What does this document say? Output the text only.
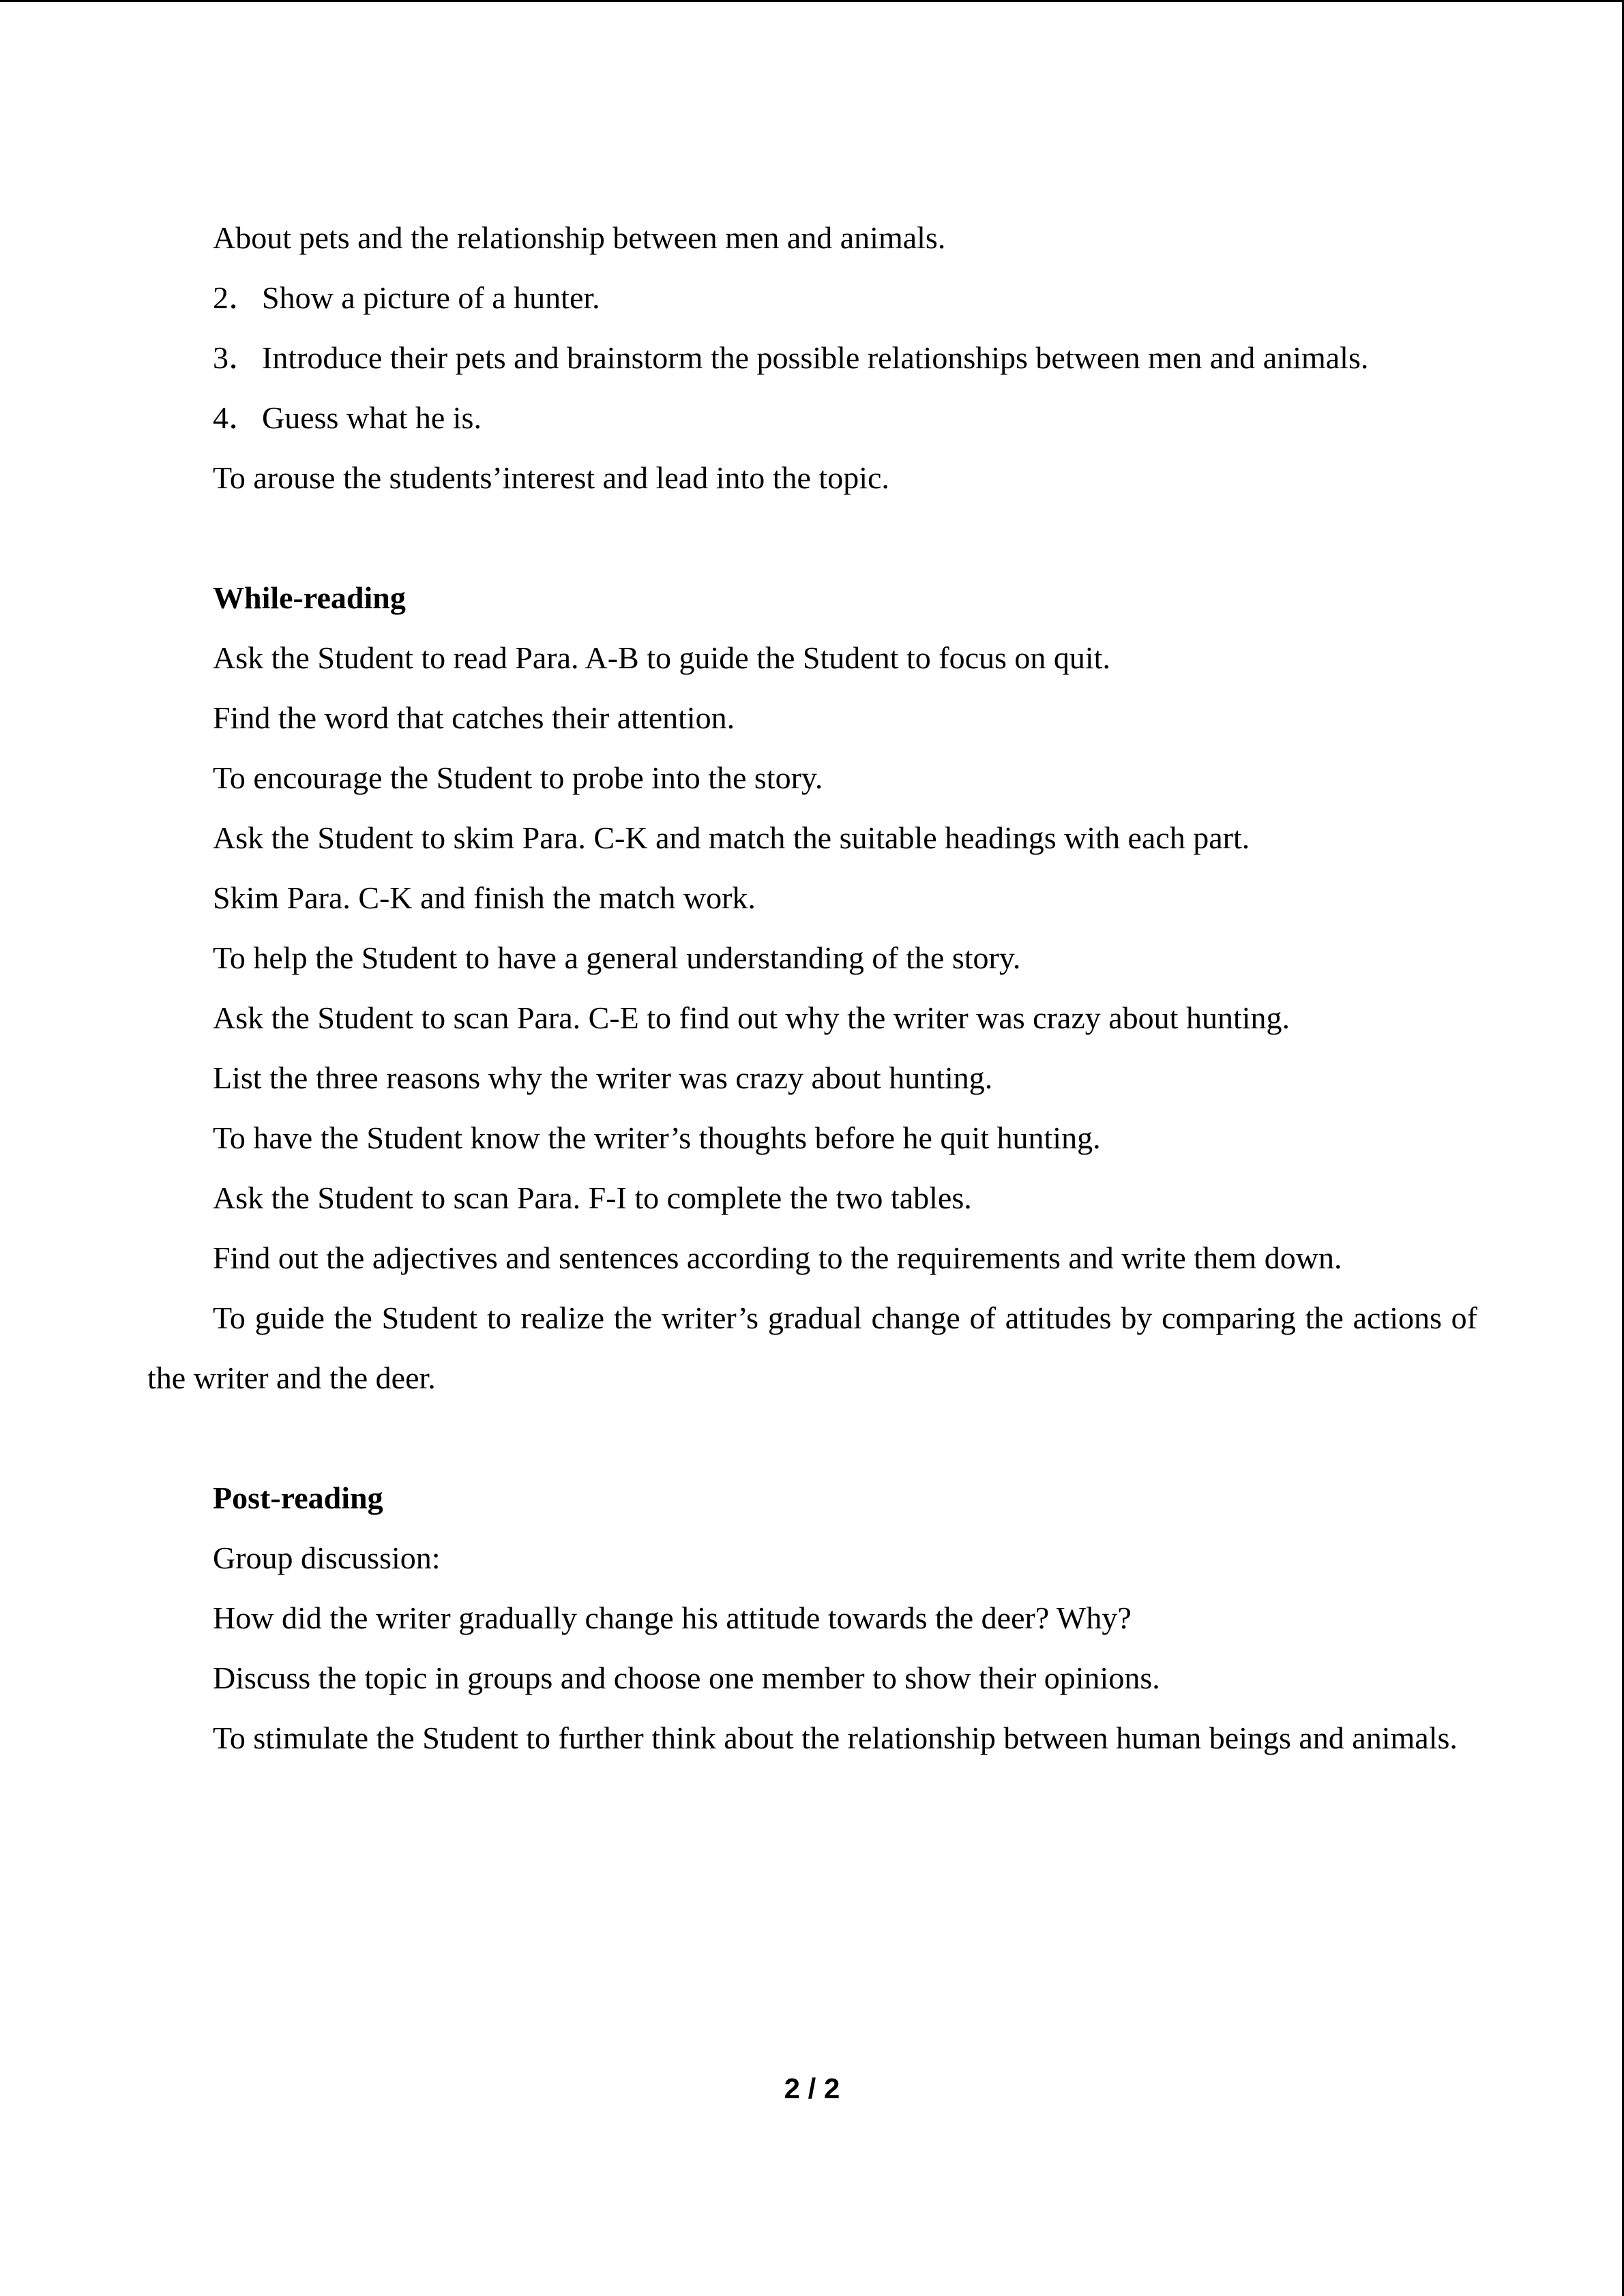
About pets and the relationship between men and animals.

2．Show a picture of a hunter.

3．Introduce their pets and brainstorm the possible relationships between men and animals.

4．Guess what he is.

To arouse the students’interest and lead into the topic.

While-reading

Ask the Student to read Para. A-B to guide the Student to focus on quit.

Find the word that catches their attention.

To encourage the Student to probe into the story.

Ask the Student to skim Para. C-K and match the suitable headings with each part.

Skim Para. C-K and finish the match work.

To help the Student to have a general understanding of the story.

Ask the Student to scan Para. C-E to find out why the writer was crazy about hunting.

List the three reasons why the writer was crazy about hunting.

To have the Student know the writer’s thoughts before he quit hunting.

Ask the Student to scan Para. F-I to complete the two tables.

Find out the adjectives and sentences according to the requirements and write them down.

To guide the Student to realize the writer’s gradual change of attitudes by comparing the actions of the writer and the deer.

Post-reading

Group discussion:

How did the writer gradually change his attitude towards the deer? Why?

Discuss the topic in groups and choose one member to show their opinions.

To stimulate the Student to further think about the relationship between human beings and animals.

2 / 2
